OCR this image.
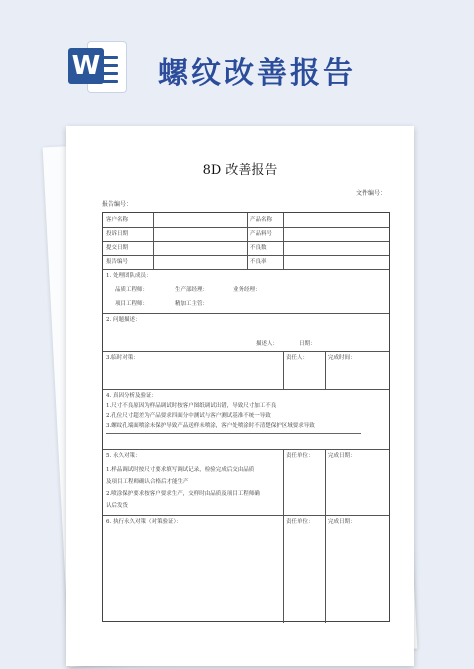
W 螺纹改善报告
8D 改善报告
文件编号：
报告编号：
客户名称	产品名称
投诉日期	产品料号
提交日期	不良数
报告编号	不良率
1. 处理团队成员：
品质工程师：	生产部经理：	业务经理：
项目工程师：	精加工主管：
2. 问题描述：
描述人：	日期：
3.临时对策：	责任人：	完成时间：
4. 真因分析及验证：
1.尺寸不良原因为样品调试时按客户图纸调试出错，导致尺寸加工不良
2.孔位尺寸超差为产品要求四面分中测试与客户测试基准不统一导致
3.螺纹孔端面喷涂未保护导致产品送样未喷涂，客户处喷涂时不清楚保护区域要求导致
5. 永久对策：	责任单位：	完成日期：
1.样品调试时按尺寸要求填写调试记录，检验完成后交由品质
及项目工程师确认合格后才能生产
2.喷涂保护要求按客户要求生产，交样时由品质及项目工程师确
认后发货
6. 执行永久对策（对策验证）：	责任单位：	完成日期：
